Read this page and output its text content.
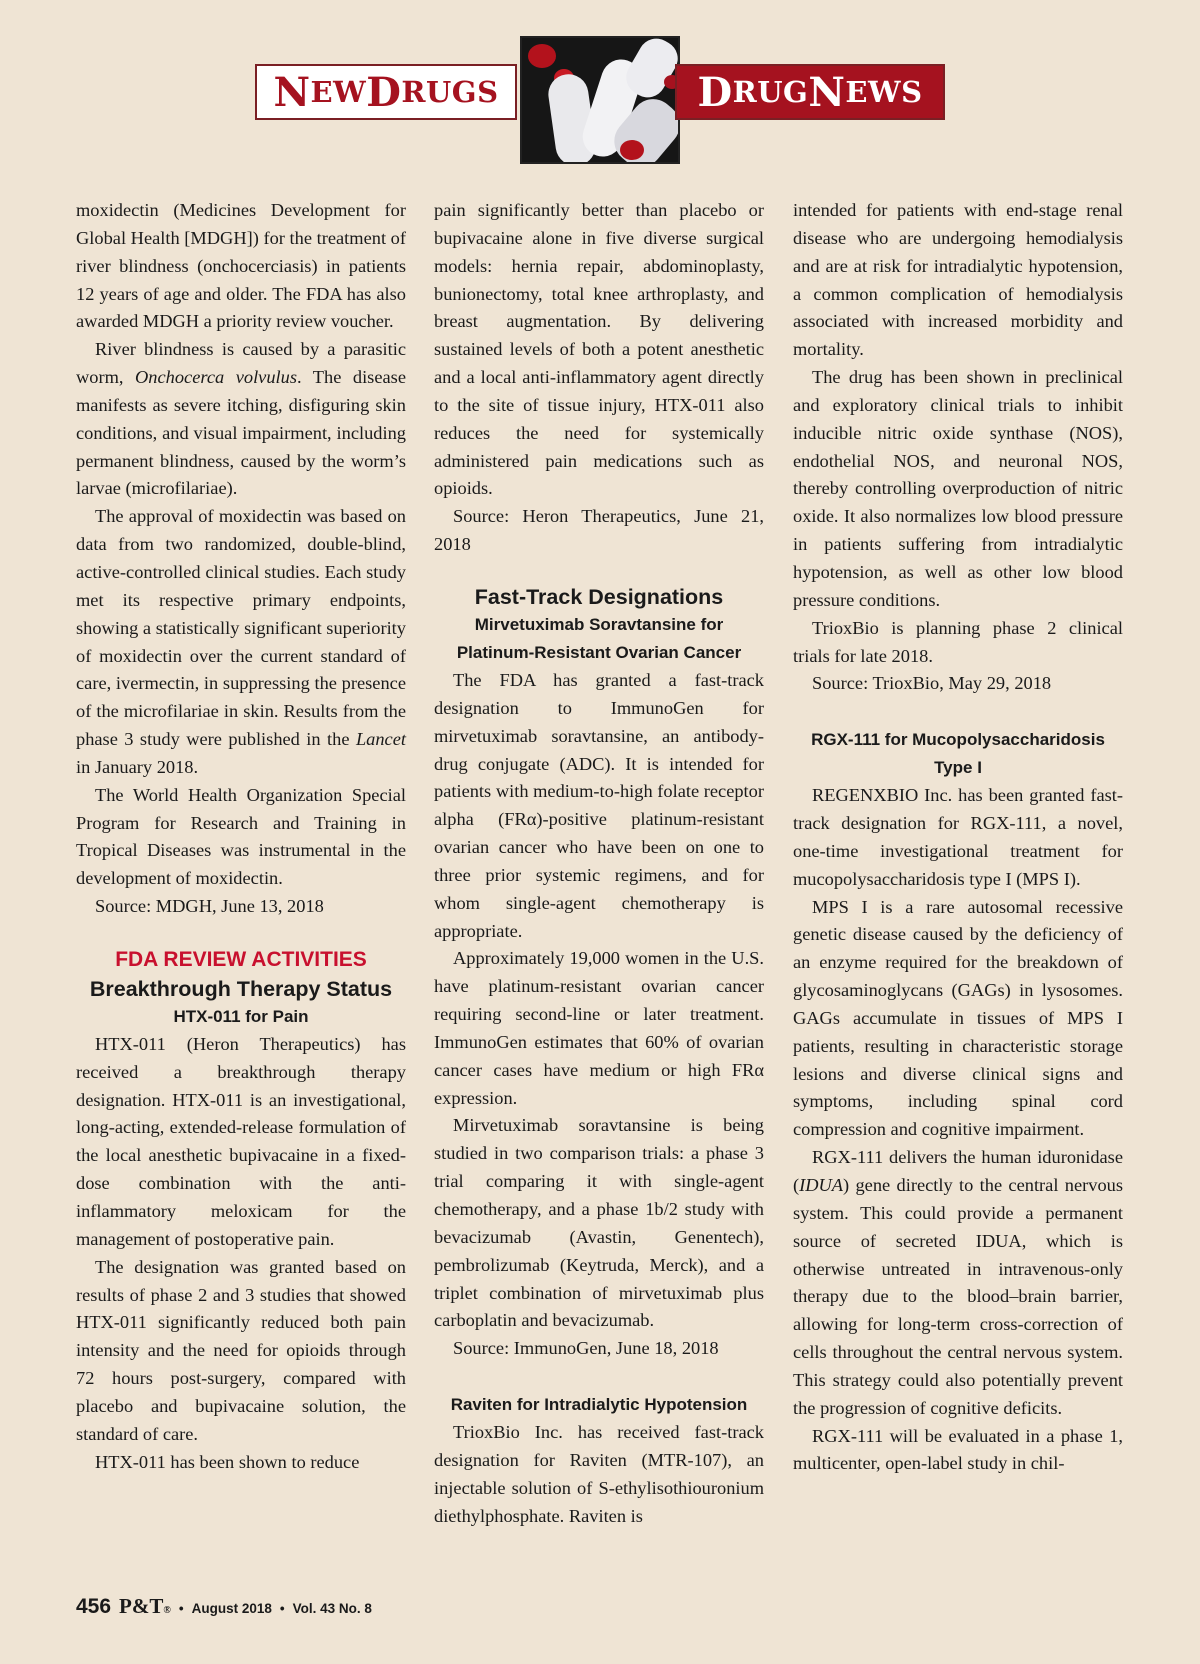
N EW D RUGS	D RUG N EWS

moxidectin (Medicines Development for Global Health [MDGH]) for the treatment of river blindness (onchocerciasis) in patients 12 years of age and older. The FDA has also awarded MDGH a priority review voucher.

River blindness is caused by a parasitic worm, Onchocerca volvulus. The disease manifests as severe itching, disfiguring skin conditions, and visual impairment, including permanent blindness, caused by the worm’s larvae (microfilariae).

The approval of moxidectin was based on data from two randomized, double-blind, active-controlled clinical studies. Each study met its respective primary endpoints, showing a statistically significant superiority of moxidectin over the current standard of care, ivermectin, in suppressing the presence of the microfilariae in skin. Results from the phase 3 study were published in the Lancet in January 2018.

The World Health Organization Special Program for Research and Training in Tropical Diseases was instrumental in the development of moxidectin.

Source: MDGH, June 13, 2018

FDA REVIEW ACTIVITIES
Breakthrough Therapy Status
HTX-011 for Pain

HTX-011 (Heron Therapeutics) has received a breakthrough therapy designation. HTX-011 is an investigational, long-acting, extended-release formulation of the local anesthetic bupivacaine in a fixed-dose combination with the anti-inflammatory meloxicam for the management of postoperative pain.

The designation was granted based on results of phase 2 and 3 studies that showed HTX-011 significantly reduced both pain intensity and the need for opioids through 72 hours post-surgery, compared with placebo and bupivacaine solution, the standard of care.

HTX-011 has been shown to reduce

pain significantly better than placebo or bupivacaine alone in five diverse surgical models: hernia repair, abdominoplasty, bunionectomy, total knee arthroplasty, and breast augmentation. By delivering sustained levels of both a potent anesthetic and a local anti-inflammatory agent directly to the site of tissue injury, HTX-011 also reduces the need for systemically administered pain medications such as opioids.

Source: Heron Therapeutics, June 21, 2018

Fast-Track Designations
Mirvetuximab Soravtansine for Platinum-Resistant Ovarian Cancer

The FDA has granted a fast-track designation to ImmunoGen for mirvetuximab soravtansine, an antibody-drug conjugate (ADC). It is intended for patients with medium-to-high folate receptor alpha (FRα)-positive platinum-resistant ovarian cancer who have been on one to three prior systemic regimens, and for whom single-agent chemotherapy is appropriate.

Approximately 19,000 women in the U.S. have platinum-resistant ovarian cancer requiring second-line or later treatment. ImmunoGen estimates that 60% of ovarian cancer cases have medium or high FRα expression.

Mirvetuximab soravtansine is being studied in two comparison trials: a phase 3 trial comparing it with single-agent chemotherapy, and a phase 1b/2 study with bevacizumab (Avastin, Genentech), pembrolizumab (Keytruda, Merck), and a triplet combination of mirvetuximab plus carboplatin and bevacizumab.

Source: ImmunoGen, June 18, 2018

Raviten for Intradialytic Hypotension

TrioxBio Inc. has received fast-track designation for Raviten (MTR-107), an injectable solution of S-ethylisothiouronium diethylphosphate. Raviten is

intended for patients with end-stage renal disease who are undergoing hemodialysis and are at risk for intradialytic hypotension, a common complication of hemodialysis associated with increased morbidity and mortality.

The drug has been shown in preclinical and exploratory clinical trials to inhibit inducible nitric oxide synthase (NOS), endothelial NOS, and neuronal NOS, thereby controlling overproduction of nitric oxide. It also normalizes low blood pressure in patients suffering from intradialytic hypotension, as well as other low blood pressure conditions.

TrioxBio is planning phase 2 clinical trials for late 2018.

Source: TrioxBio, May 29, 2018

RGX-111 for Mucopolysaccharidosis Type I

REGENXBIO Inc. has been granted fast-track designation for RGX-111, a novel, one-time investigational treatment for mucopolysaccharidosis type I (MPS I).

MPS I is a rare autosomal recessive genetic disease caused by the deficiency of an enzyme required for the breakdown of glycosaminoglycans (GAGs) in lysosomes. GAGs accumulate in tissues of MPS I patients, resulting in characteristic storage lesions and diverse clinical signs and symptoms, including spinal cord compression and cognitive impairment.

RGX-111 delivers the human iduronidase (IDUA) gene directly to the central nervous system. This could provide a permanent source of secreted IDUA, which is otherwise untreated in intravenous-only therapy due to the blood–brain barrier, allowing for long-term cross-correction of cells throughout the central nervous system. This strategy could also potentially prevent the progression of cognitive deficits.

RGX-111 will be evaluated in a phase 1, multicenter, open-label study in chil-

456 P&T® • August 2018 • Vol. 43 No. 8
